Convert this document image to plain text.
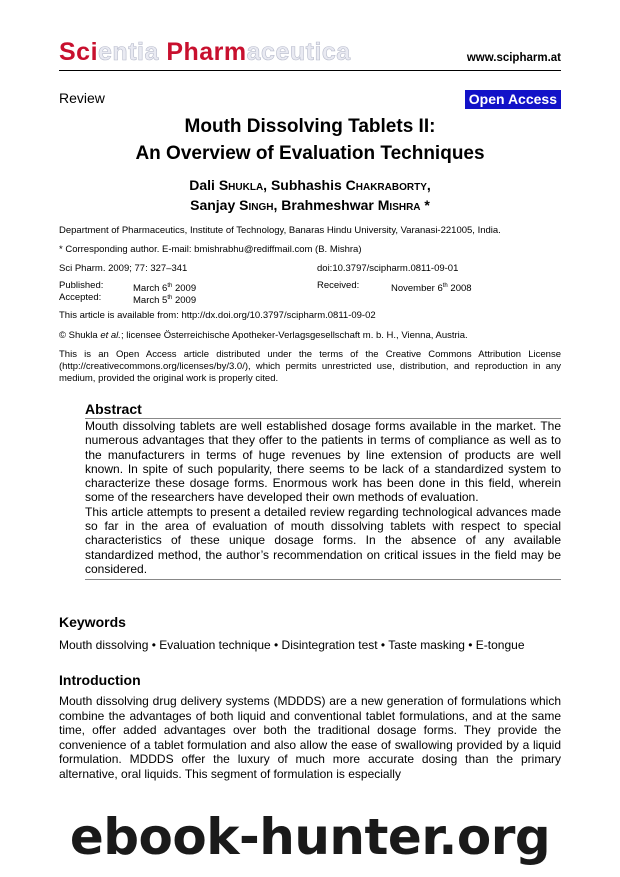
Scientia Pharmaceutica	www.scipharm.at
Review	Open Access
Mouth Dissolving Tablets II:
An Overview of Evaluation Techniques
Dali Shukla, Subhashis Chakraborty,
Sanjay Singh, Brahmeshwar Mishra *
Department of Pharmaceutics, Institute of Technology, Banaras Hindu University, Varanasi-221005, India.
* Corresponding author. E-mail: bmishrabhu@rediffmail.com (B. Mishra)
Sci Pharm. 2009; 77: 327–341	doi:10.3797/scipharm.0811-09-01
Published:	March 6th 2009
Accepted:	March 5th 2009
Received:	November 6th 2008
This article is available from: http://dx.doi.org/10.3797/scipharm.0811-09-02
© Shukla et al.; licensee Österreichische Apotheker-Verlagsgesellschaft m. b. H., Vienna, Austria.
This is an Open Access article distributed under the terms of the Creative Commons Attribution License (http://creativecommons.org/licenses/by/3.0/), which permits unrestricted use, distribution, and reproduction in any medium, provided the original work is properly cited.
Abstract

Mouth dissolving tablets are well established dosage forms available in the market. The numerous advantages that they offer to the patients in terms of compliance as well as to the manufacturers in terms of huge revenues by line extension of products are well known. In spite of such popularity, there seems to be lack of a standardized system to characterize these dosage forms. Enormous work has been done in this field, wherein some of the researchers have developed their own methods of evaluation.

This article attempts to present a detailed review regarding technological advances made so far in the area of evaluation of mouth dissolving tablets with respect to special characteristics of these unique dosage forms. In the absence of any available standardized method, the author’s recommendation on critical issues in the field may be considered.

Keywords
Mouth dissolving • Evaluation technique • Disintegration test • Taste masking • E-tongue
Introduction
Mouth dissolving drug delivery systems (MDDDS) are a new generation of formulations which combine the advantages of both liquid and conventional tablet formulations, and at the same time, offer added advantages over both the traditional dosage forms. They provide the convenience of a tablet formulation and also allow the ease of swallowing provided by a liquid formulation. MDDDS offer the luxury of much more accurate dosing than the primary alternative, oral liquids. This segment of formulation is especially
ebook-hunter.org
